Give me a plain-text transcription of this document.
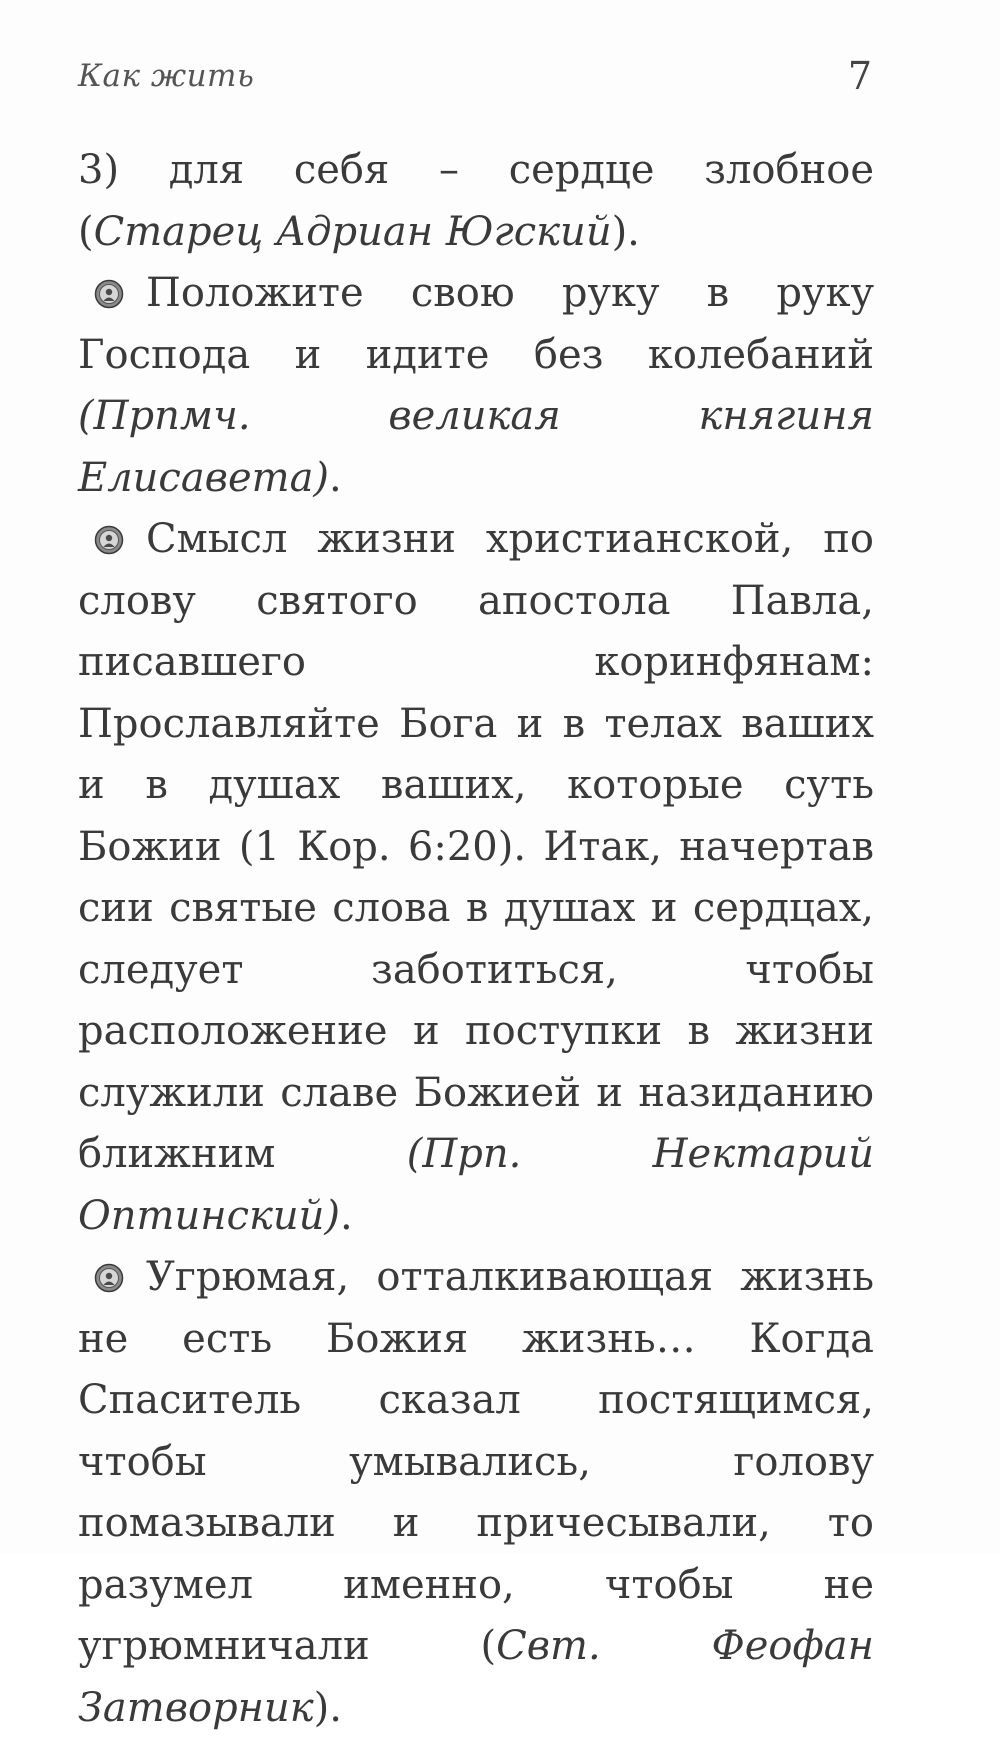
Как жить	7

3) для себя – сердце злобное (Старец Адриан Югский).

Положите свою руку в руку Господа и идите без колебаний (Прпмч. великая княгиня Елисавета).

Смысл жизни христианской, по слову святого апостола Павла, писавшего коринфянам: Прославляйте Бога и в телах ваших и в душах ваших, которые суть Божии (1 Кор. 6:20). Итак, начертав сии святые слова в душах и сердцах, следует заботиться, чтобы расположение и поступки в жизни служили славе Божией и назиданию ближним (Прп. Нектарий Оптинский).

Угрюмая, отталкивающая жизнь не есть Божия жизнь… Когда Спаситель сказал постящимся, чтобы умывались, голову помазывали и причесывали, то разумел именно, чтобы не угрюмничали (Свт. Феофан Затворник).
